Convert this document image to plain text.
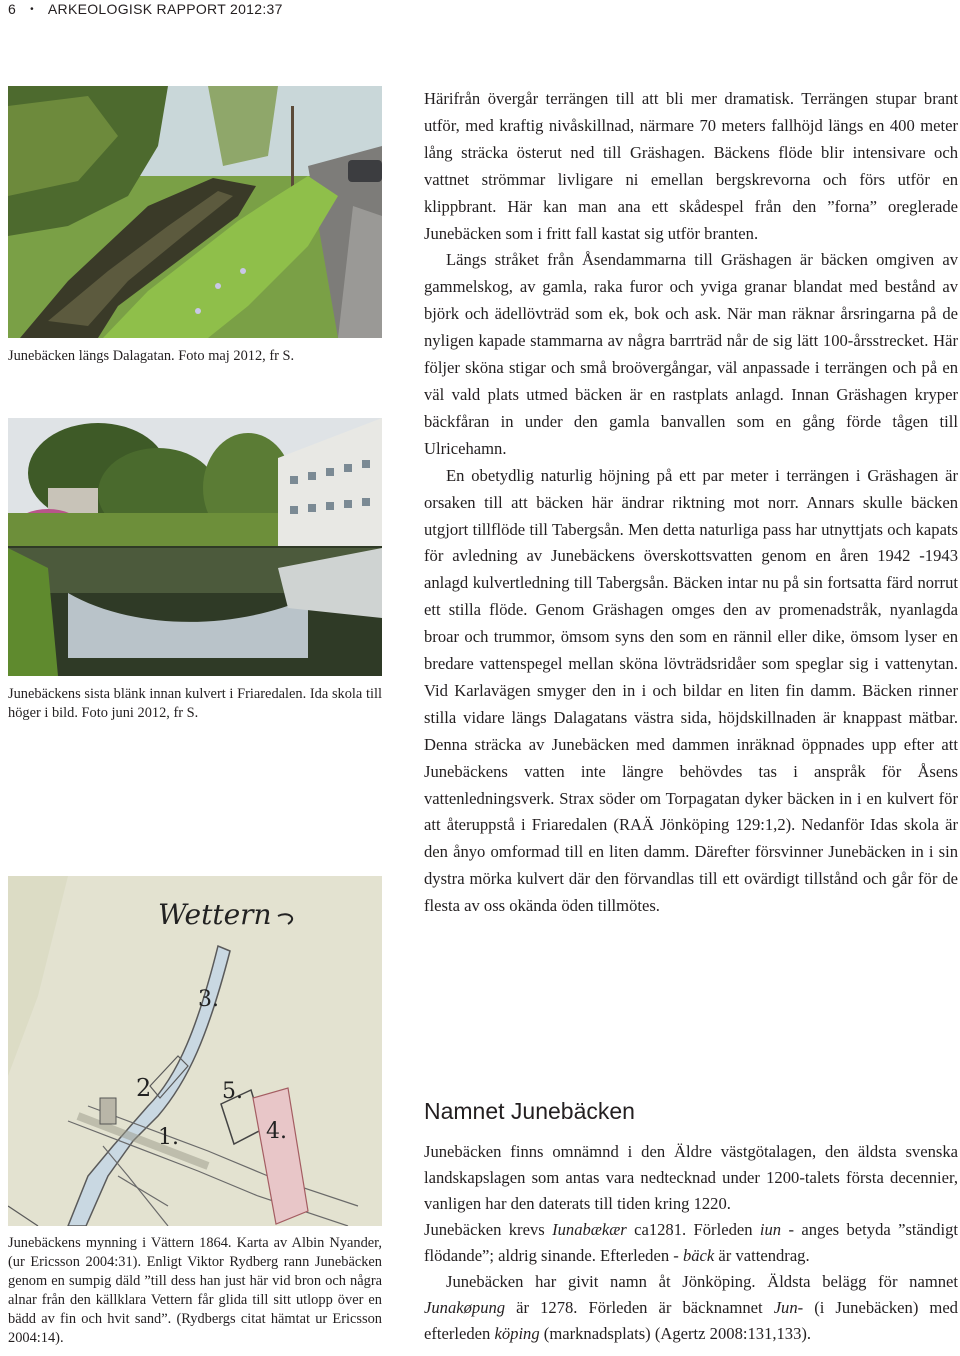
6 • ARKEOLOGISK RAPPORT 2012:37
Junebäcken längs Dalagatan. Foto maj 2012, fr S.
Junebäckens sista blänk innan kulvert i Friaredalen. Ida skola till höger i bild. Foto juni 2012, fr S.
Wettern
3.
2
1.
5.
4.
Junebäckens mynning i Vättern 1864. Karta av Albin Nyander, (ur Ericsson 2004:31). Enligt Viktor Rydberg rann Junebäcken genom en sumpig däld ”till dess han just här vid bron och några alnar från den källklara Vettern får glida till sitt utlopp över en bädd av fin och hvit sand”. (Rydbergs citat hämtat ur Ericsson 2004:14).

Härifrån övergår terrängen till att bli mer dramatisk. Terrängen stupar brant utför, med kraftig nivåskillnad, närmare 70 meters fallhöjd längs en 400 meter lång sträcka österut ned till Gräshagen. Bäckens flöde blir intensivare och vattnet strömmar livligare ni emellan bergskrevorna och förs utför en klippbrant. Här kan man ana ett skådespel från den ”forna” oreglerade Junebäcken som i fritt fall kastat sig utför branten.

Längs stråket från Åsendammarna till Gräshagen är bäcken omgiven av gammelskog, av gamla, raka furor och yviga granar blandat med bestånd av björk och ädellövträd som ek, bok och ask. När man räknar årsringarna på de nyligen kapade stammarna av några barrträd når de sig lätt 100-årsstrecket. Här följer sköna stigar och små broövergångar, väl anpassade i terrängen och på en väl vald plats utmed bäcken är en rastplats anlagd. Innan Gräshagen kryper bäckfåran in under den gamla banvallen som en gång förde tågen till Ulricehamn.

En obetydlig naturlig höjning på ett par meter i terrängen i Gräshagen är orsaken till att bäcken här ändrar riktning mot norr. Annars skulle bäcken utgjort tillflöde till Tabergsån. Men detta naturliga pass har utnyttjats och kapats för avledning av Junebäckens överskottsvatten genom en åren 1942 -1943 anlagd kulvertledning till Tabergsån. Bäcken intar nu på sin fortsatta färd norrut ett stilla flöde. Genom Gräshagen omges den av promenadstråk, nyanlagda broar och trummor, ömsom syns den som en rännil eller dike, ömsom lyser en bredare vattenspegel mellan sköna lövträdsridåer som speglar sig i vattenytan. Vid Karlavägen smyger den in i och bildar en liten fin damm. Bäcken rinner stilla vidare längs Dalagatans västra sida, höjdskillnaden är knappast mätbar. Denna sträcka av Junebäcken med dammen inräknad öppnades upp efter att Junebäckens vatten inte längre behövdes tas i anspråk för Åsens vattenledningsverk. Strax söder om Torpagatan dyker bäcken in i en kulvert för att återuppstå i Friaredalen (RAÄ Jönköping 129:1,2). Nedanför Idas skola är den ånyo omformad till en liten damm. Därefter försvinner Junebäcken in i sin dystra mörka kulvert där den förvandlas till ett ovärdigt tillstånd och går för de flesta av oss okända öden tillmötes.

Namnet Junebäcken

Junebäcken finns omnämnd i den Äldre västgötalagen, den äldsta svenska landskapslagen som antas vara nedtecknad under 1200-talets första decennier, vanligen har den daterats till tiden kring 1220.

Junebäcken krevs Iunabækær ca1281. Förleden iun - anges betyda ”ständigt flödande”; aldrig sinande. Efterleden - bäck är vattendrag.

Junebäcken har givit namn åt Jönköping. Äldsta belägg för namnet Junakøpung är 1278. Förleden är bäcknamnet Jun- (i Junebäcken) med efterleden köping (marknadsplats) (Agertz 2008:131,133).
